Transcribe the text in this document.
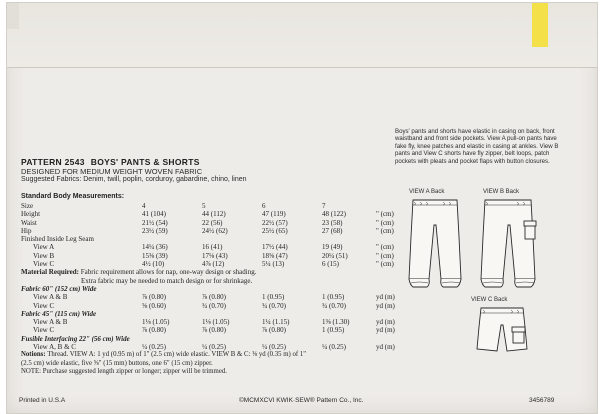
PATTERN 2543 BOYS' PANTS & SHORTS
DESIGNED FOR MEDIUM WEIGHT WOVEN FABRIC
Suggested Fabrics: Denim, twill, poplin, corduroy, gabardine, chino, linen
Standard Body Measurements:
Size	4	5	6	7
Height	41 (104)	44 (112)	47 (119)	48 (122)	" (cm)
Waist	21½ (54)	22 (56)	22½ (57)	23 (58)	" (cm)
Hip	23½ (59)	24½ (62)	25½ (65)	27 (68)	" (cm)
Finished Inside Leg Seam
View A	14¼ (36)	16 (41)	17½ (44)	19 (49)	" (cm)
View B	15⅜ (39)	17⅛ (43)	18⅝ (47)	20¼ (51)	" (cm)
View C	4½ (10)	4⅞ (12)	5¼ (13)	6 (15)	" (cm)
Material Required: Fabric requirement allows for nap, one-way design or shading.
Extra fabric may be needed to match design or for shrinkage.
Fabric 60" (152 cm) Wide
View A & B	⅞ (0.80)	⅞ (0.80)	1 (0.95)	1 (0.95)	yd (m)
View C	⅝ (0.60)	¾ (0.70)	¾ (0.70)	¾ (0.70)	yd (m)
Fabric 45" (115 cm) Wide
View A & B	1⅛ (1.05)	1⅛ (1.05)	1¼ (1.15)	1⅜ (1.30)	yd (m)
View C	⅞ (0.80)	⅞ (0.80)	⅞ (0.80)	1 (0.95)	yd (m)
Fusible Interfacing 22" (56 cm) Wide
View A, B & C	¼ (0.25)	¼ (0.25)	¼ (0.25)	¼ (0.25)	yd (m)
Notions: Thread. VIEW A: 1 yd (0.95 m) of 1" (2.5 cm) wide elastic. VIEW B & C: ⅜ yd (0.35 m) of 1"
(2.5 cm) wide elastic, five ⅝" (15 mm) buttons, one 6" (15 cm) zipper.
NOTE: Purchase suggested length zipper or longer; zipper will be trimmed.
Boys' pants and shorts have elastic in casing on back, front waistband and front side pockets. View A pull-on pants have fake fly, knee patches and elastic in casing at ankles. View B pants and View C shorts have fly zipper, belt loops, patch pockets with pleats and pocket flaps with button closures.
VIEW A Back	VIEW B Back
VIEW C Back
Printed in U.S.A	©MCMXCVI KWIK·SEW® Pattern Co., Inc.	3456789
